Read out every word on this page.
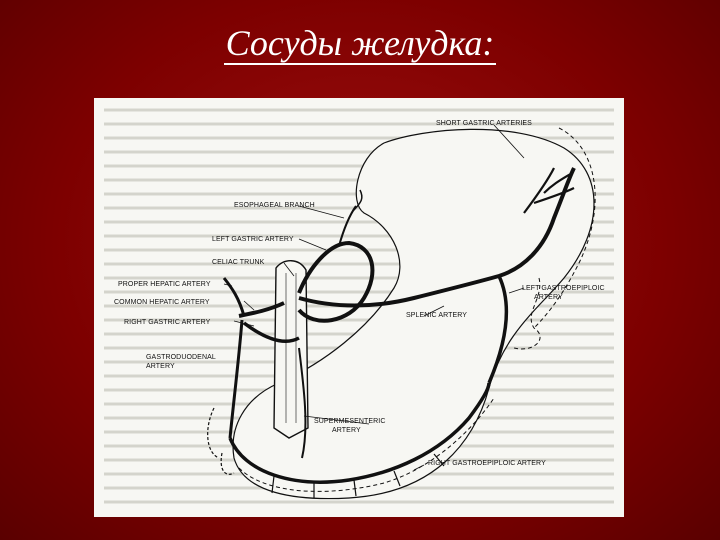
Сосуды желудка:
SHORT GASTRIC ARTERIES
ESOPHAGEAL BRANCH
LEFT GASTRIC ARTERY
CELIAC TRUNK
PROPER HEPATIC ARTERY
COMMON HEPATIC ARTERY
RIGHT GASTRIC ARTERY
GASTRODUODENAL
ARTERY
LEFT GASTROEPIPLOIC
ARTERY
SPLENIC ARTERY
SUPERMESENTERIC
ARTERY
RIGHT GASTROEPIPLOIC ARTERY
